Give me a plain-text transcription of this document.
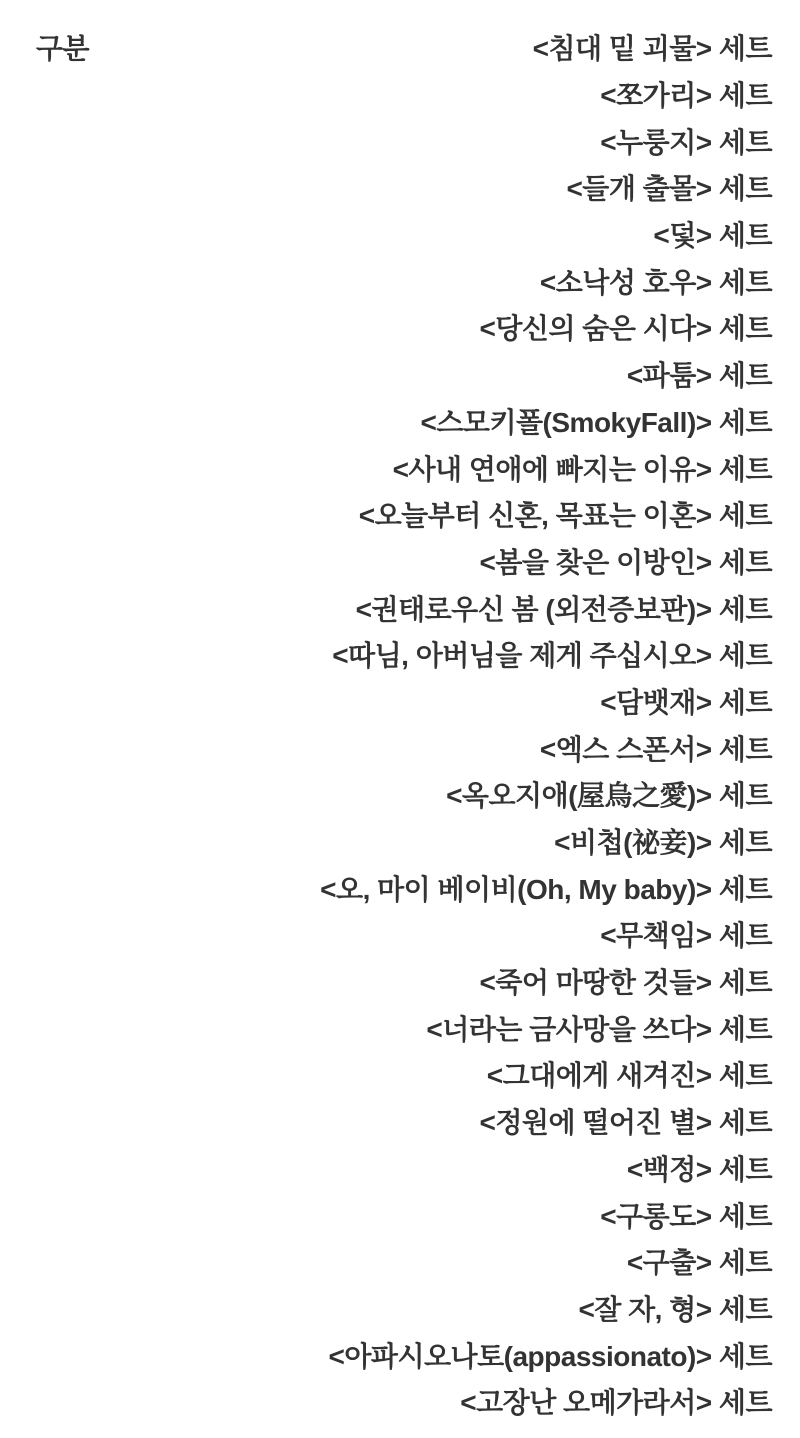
구분	<침대 밑 괴물> 세트
<쪼가리> 세트
<누룽지> 세트
<들개 출몰> 세트
<덫> 세트
<소낙성 호우> 세트
<당신의 숨은 시다> 세트
<파툼> 세트
<스모키폴(SmokyFall)> 세트
<사내 연애에 빠지는 이유> 세트
<오늘부터 신혼, 목표는 이혼> 세트
<봄을 찾은 이방인> 세트
<권태로우신 봄 (외전증보판)> 세트
<따님, 아버님을 제게 주십시오> 세트
<담뱃재> 세트
<엑스 스폰서> 세트
<옥오지애(屋烏之愛)> 세트
<비첩(祕妾)> 세트
<오, 마이 베이비(Oh, My baby)> 세트
<무책임> 세트
<죽어 마땅한 것들> 세트
<너라는 금사망을 쓰다> 세트
<그대에게 새겨진> 세트
<정원에 떨어진 별> 세트
<백정> 세트
<구롱도> 세트
<구출> 세트
<잘 자, 형> 세트
<아파시오나토(appassionato)> 세트
<고장난 오메가라서> 세트
